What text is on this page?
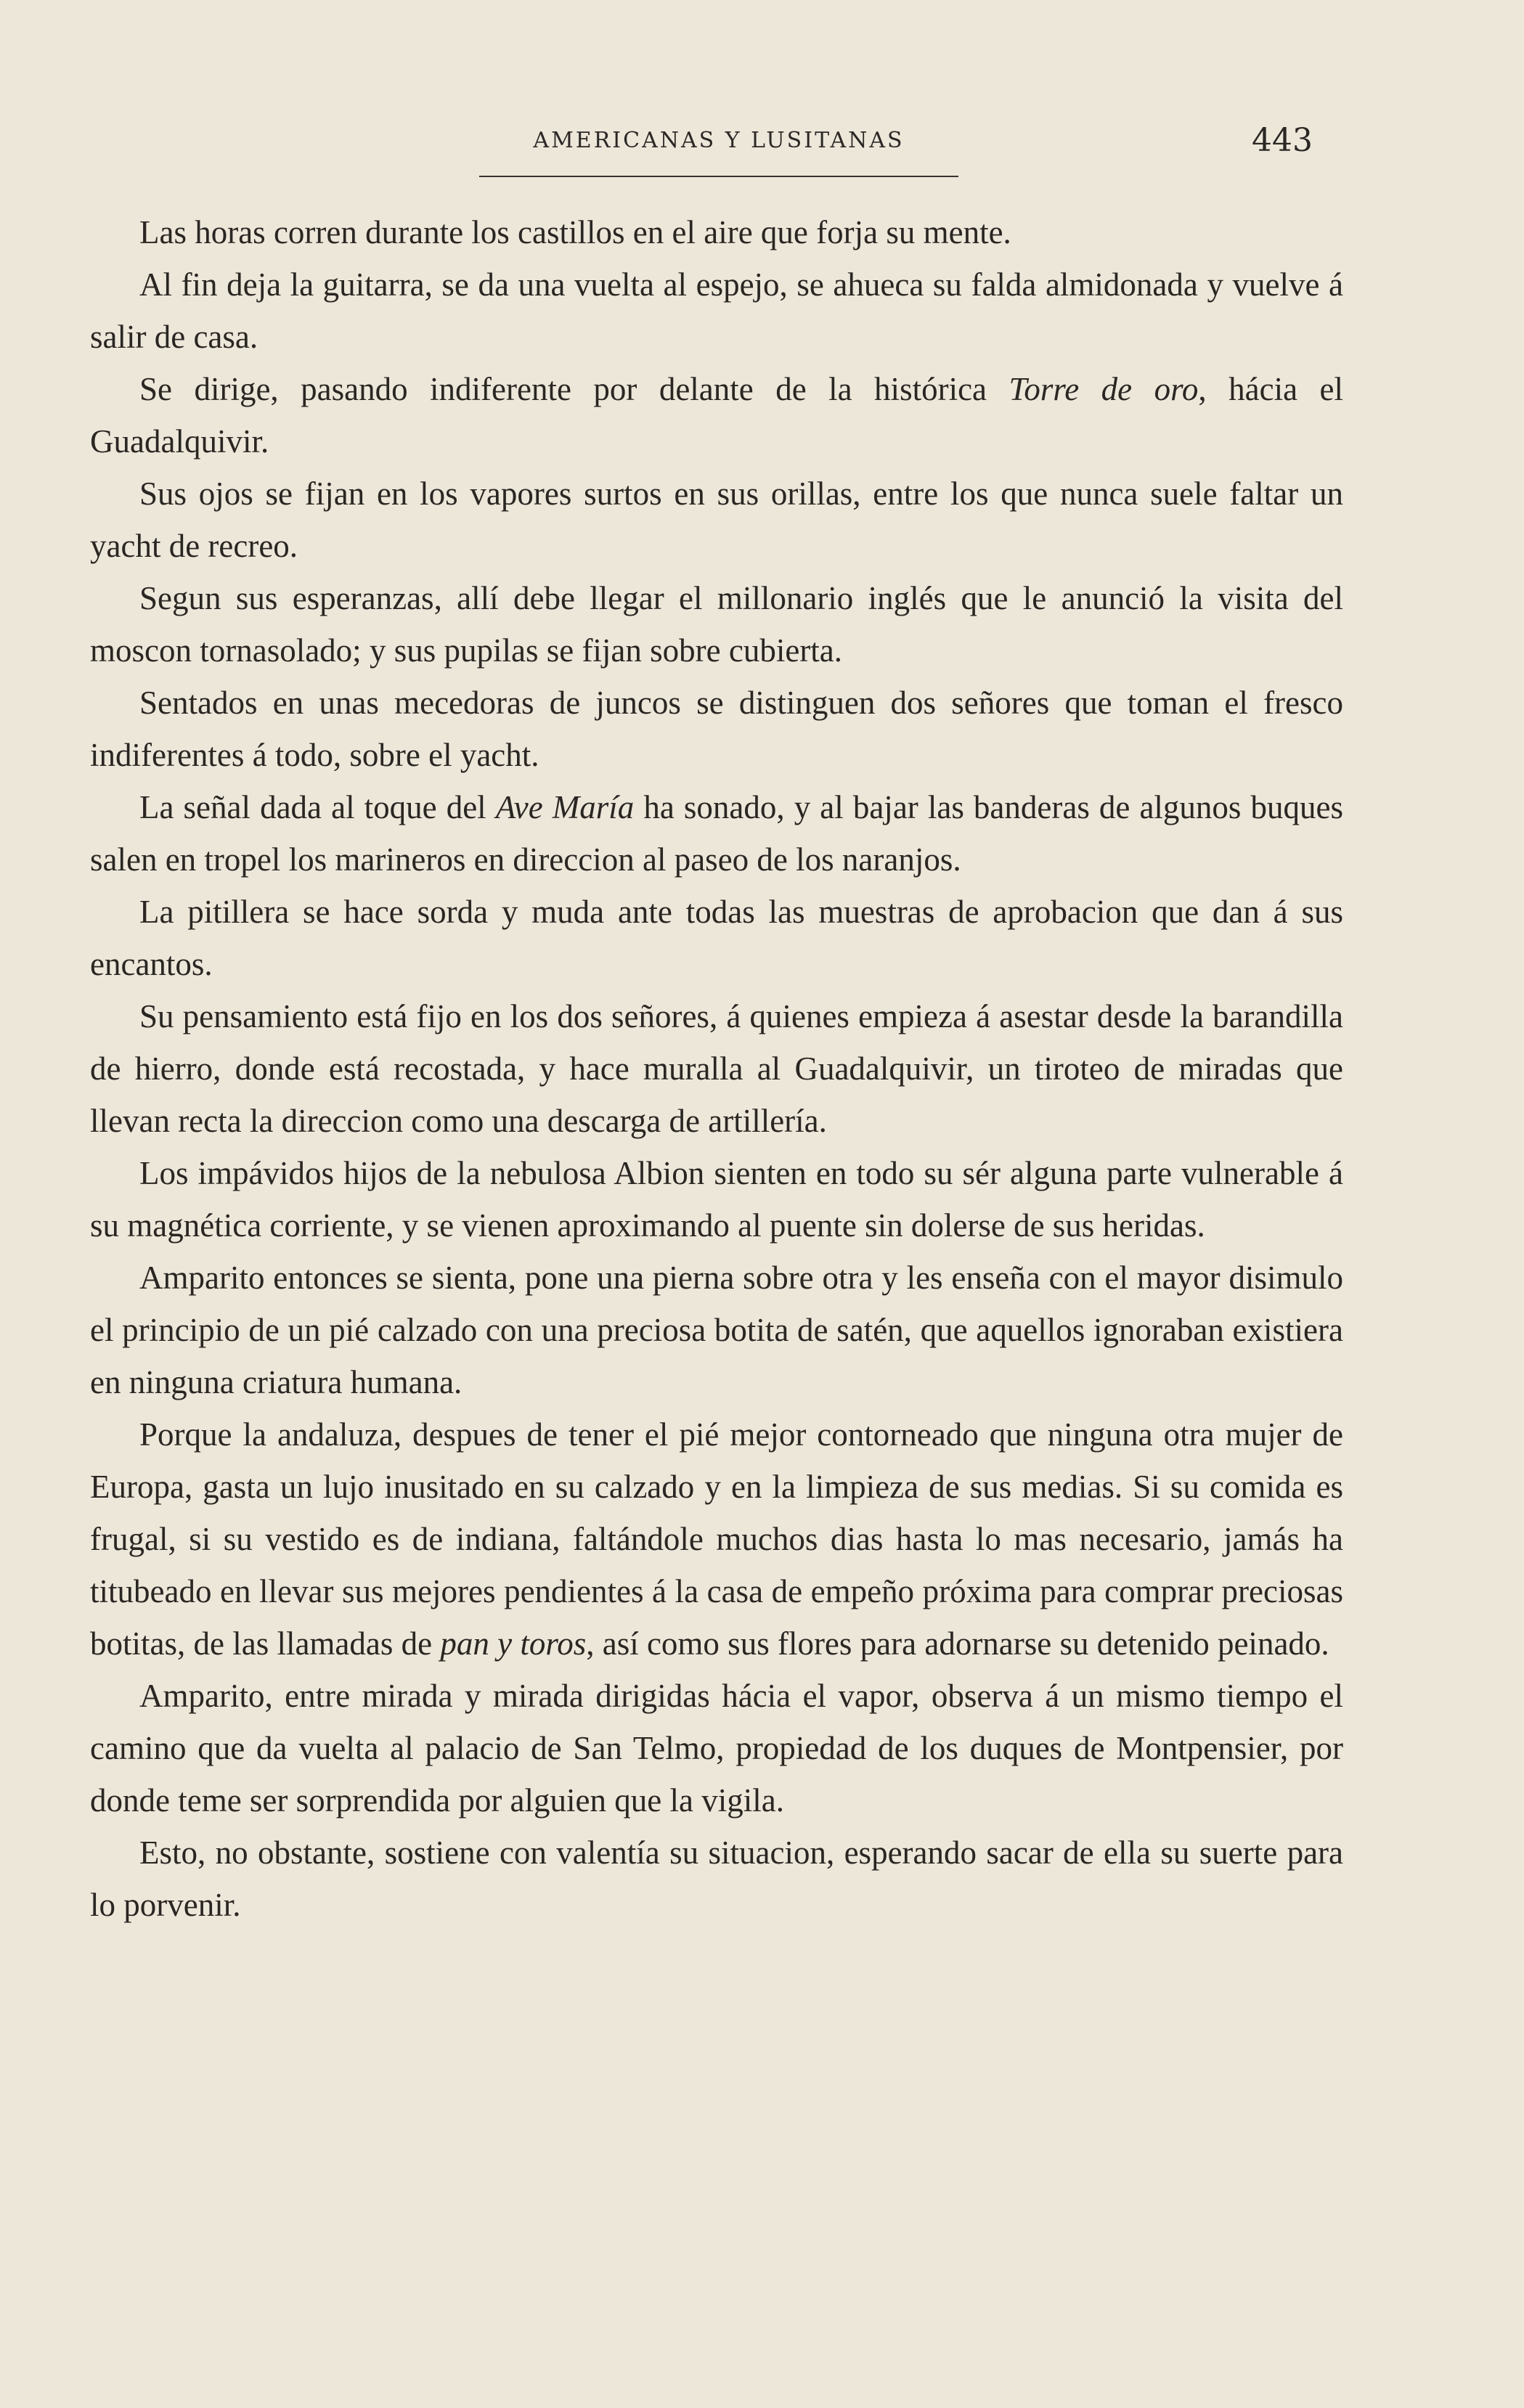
AMERICANAS Y LUSITANAS	443

Las horas corren durante los castillos en el aire que forja su mente.

Al fin deja la guitarra, se da una vuelta al espejo, se ahueca su falda almidonada y vuelve á salir de casa.

Se dirige, pasando indiferente por delante de la histórica Torre de oro, hácia el Guadalquivir.

Sus ojos se fijan en los vapores surtos en sus orillas, entre los que nunca suele faltar un yacht de recreo.

Segun sus esperanzas, allí debe llegar el millonario inglés que le anunció la visita del moscon tornasolado; y sus pupilas se fijan sobre cubierta.

Sentados en unas mecedoras de juncos se distinguen dos señores que toman el fresco indiferentes á todo, sobre el yacht.

La señal dada al toque del Ave María ha sonado, y al bajar las banderas de algunos buques salen en tropel los marineros en direccion al paseo de los naranjos.

La pitillera se hace sorda y muda ante todas las muestras de aprobacion que dan á sus encantos.

Su pensamiento está fijo en los dos señores, á quienes empieza á asestar desde la barandilla de hierro, donde está recostada, y hace muralla al Guadalquivir, un tiroteo de miradas que llevan recta la direccion como una descarga de artillería.

Los impávidos hijos de la nebulosa Albion sienten en todo su sér alguna parte vulnerable á su magnética corriente, y se vienen aproximando al puente sin dolerse de sus heridas.

Amparito entonces se sienta, pone una pierna sobre otra y les enseña con el mayor disimulo el principio de un pié calzado con una preciosa botita de satén, que aquellos ignoraban existiera en ninguna criatura humana.

Porque la andaluza, despues de tener el pié mejor contorneado que ninguna otra mujer de Europa, gasta un lujo inusitado en su calzado y en la limpieza de sus medias. Si su comida es frugal, si su vestido es de indiana, faltándole muchos dias hasta lo mas necesario, jamás ha titubeado en llevar sus mejores pendientes á la casa de empeño próxima para comprar preciosas botitas, de las llamadas de pan y toros, así como sus flores para adornarse su detenido peinado.

Amparito, entre mirada y mirada dirigidas hácia el vapor, observa á un mismo tiempo el camino que da vuelta al palacio de San Telmo, propiedad de los duques de Montpensier, por donde teme ser sorprendida por alguien que la vigila.

Esto, no obstante, sostiene con valentía su situacion, esperando sacar de ella su suerte para lo porvenir.
